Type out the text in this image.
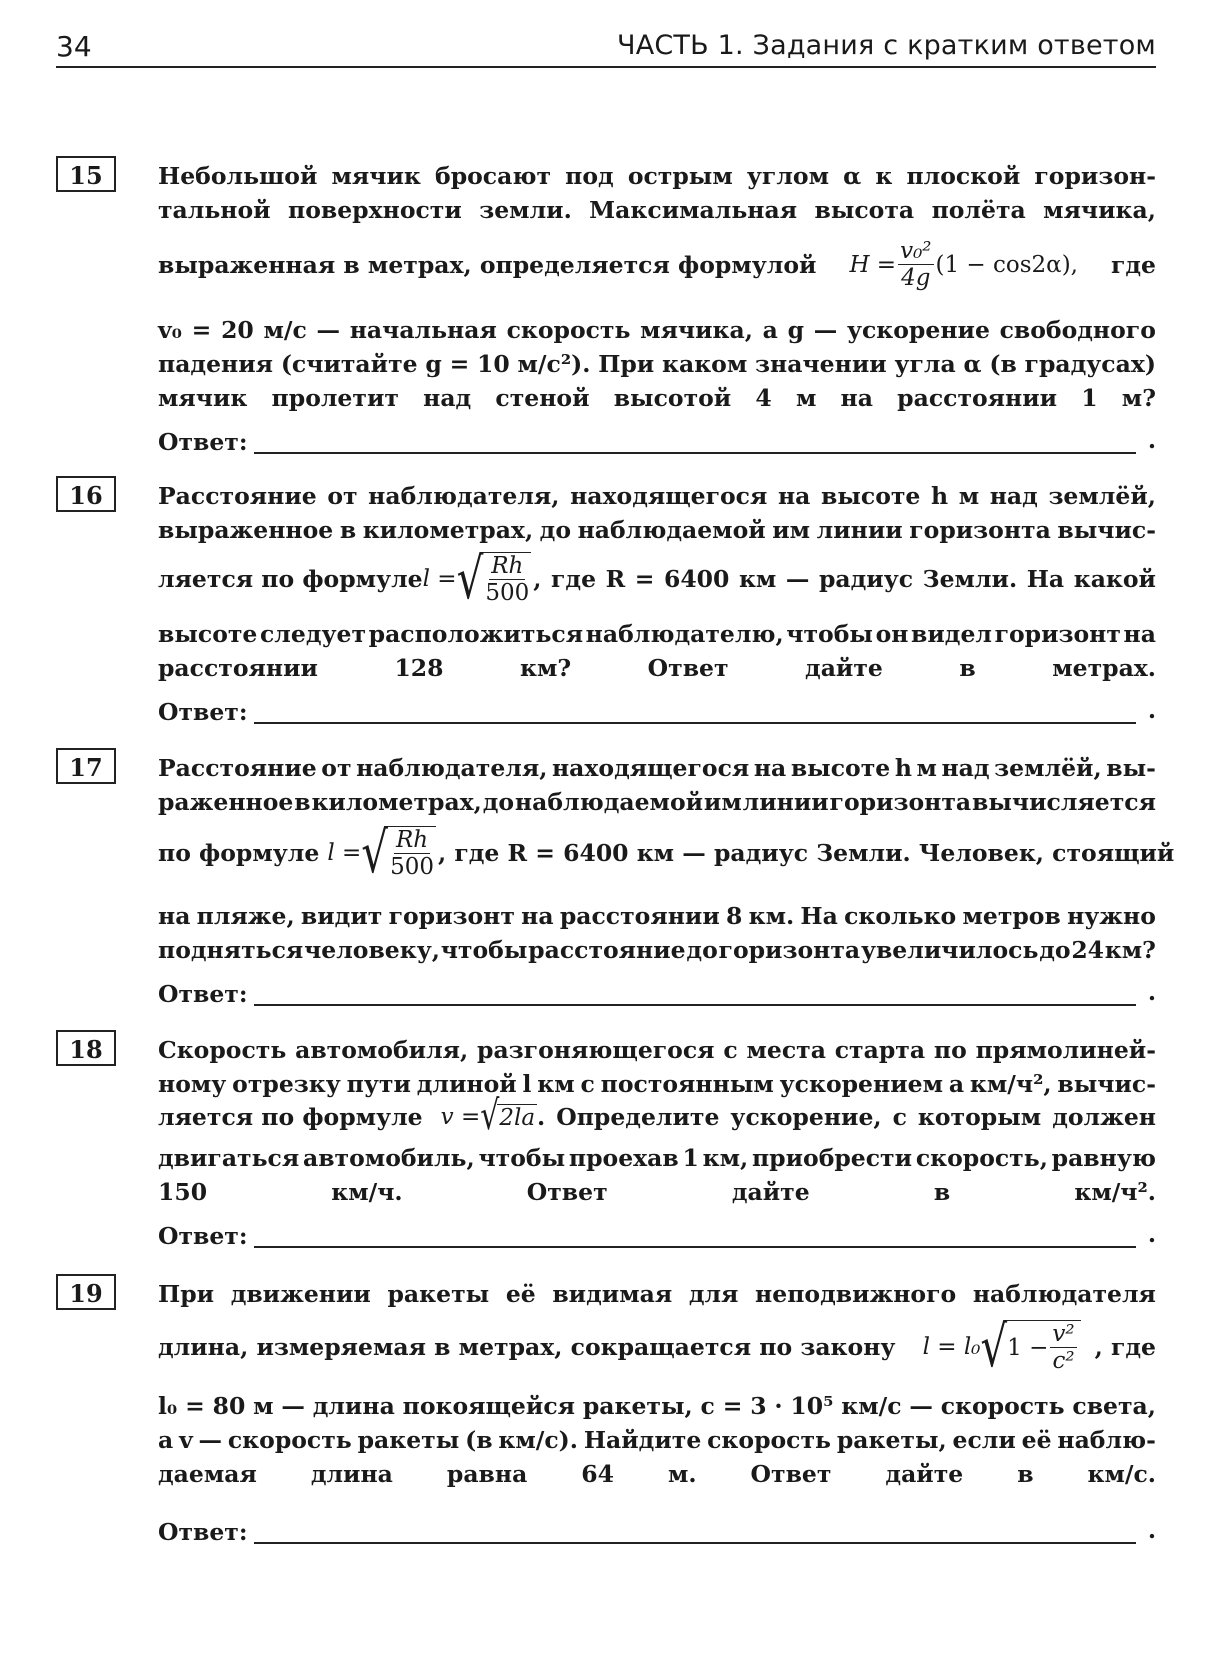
34	ЧАСТЬ 1. Задания с кратким ответом
15	Небольшой мячик бросают под острым углом α к плоской горизон-
тальной поверхности земли. Максимальная высота полёта мячика,
выраженная в метрах, определяется формулой $H = \frac{\text{v₀²}}{4g} (1 - \cos 2\alpha)$, где
v₀ = 20 м/с — начальная скорость мячика, а g — ускорение свободного
падения (считайте g = 10 м/с²). При каком значении угла α (в градусах)
мячик пролетит над стеной высотой 4 м на расстоянии 1 м?
Ответ:	.
16	Расстояние от наблюдателя, находящегося на высоте h м над землёй,
выраженное в километрах, до наблюдаемой им линии горизонта вычис-
ляется по формуле l = √ $\frac{Rh}{500}$ , где R = 6400 км — радиус Земли. На какой
высоте следует расположиться наблюдателю, чтобы он видел горизонт на
расстоянии 128 км? Ответ дайте в метрах.
Ответ:	.
17	Расстояние от наблюдателя, находящегося на высоте h м над землёй, вы-
раженное в километрах, до наблюдаемой им линии горизонта вычисляется
по формуле l = √ $\frac{Rh}{500}$ , где R = 6400 км — радиус Земли. Человек, стоящий
на пляже, видит горизонт на расстоянии 8 км. На сколько метров нужно
подняться человеку, чтобы расстояние до горизонта увеличилось до 24 км?
Ответ:	.
18	Скорость автомобиля, разгоняющегося с места старта по прямолиней-
ному отрезку пути длиной l км с постоянным ускорением a км/ч², вычис-
ляется по формуле v = √ 2la . Определите ускорение, с которым должен
двигаться автомобиль, чтобы проехав 1 км, приобрести скорость, равную
150 км/ч. Ответ дайте в км/ч².
Ответ:	.
19	При движении ракеты её видимая для неподвижного наблюдателя
длина, измеряемая в метрах, сокращается по закону l = l₀ √ $1 - \frac{\text{v²}}{\text{c²}}$ , где
l₀ = 80 м — длина покоящейся ракеты, c = 3 · 10⁵ км/с — скорость света,
а v — скорость ракеты (в км/с). Найдите скорость ракеты, если её наблю-
даемая длина равна 64 м. Ответ дайте в км/с.
Ответ:	.
